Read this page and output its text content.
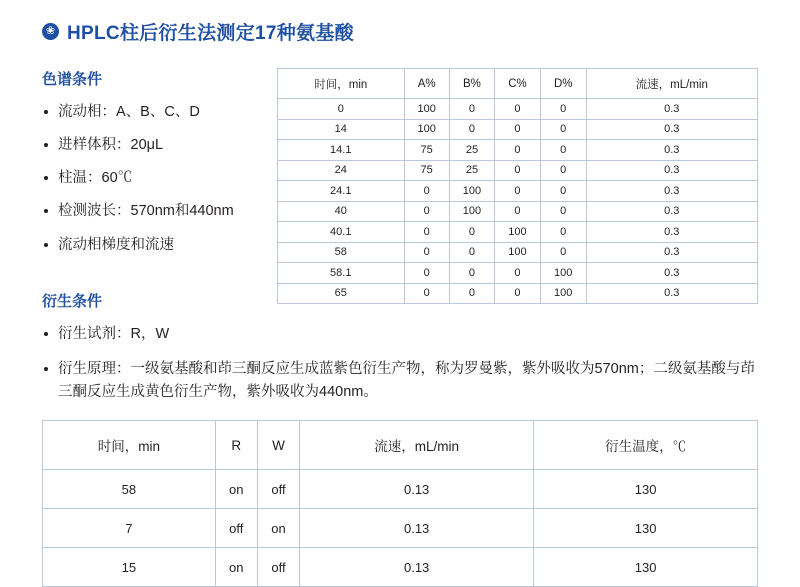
❀ HPLC柱后衍生法测定17种氨基酸
色谱条件
流动相：A、B、C、D
进样体积：20μL
柱温：60℃
检测波长：570nm和440nm
流动相梯度和流速
时间，min	A%	B%	C%	D%	流速，mL/min
0	100	0	0	0	0.3
14	100	0	0	0	0.3
14.1	75	25	0	0	0.3
24	75	25	0	0	0.3
24.1	0	100	0	0	0.3
40	0	100	0	0	0.3
40.1	0	0	100	0	0.3
58	0	0	100	0	0.3
58.1	0	0	0	100	0.3
65	0	0	0	100	0.3
衍生条件
衍生试剂：R，W
衍生原理：一级氨基酸和茚三酮反应生成蓝紫色衍生产物，称为罗曼紫，紫外吸收为570nm；二级氨基酸与茚三酮反应生成黄色衍生产物，紫外吸收为440nm。
时间，min	R	W	流速，mL/min	衍生温度，℃
58	on	off	0.13	130
7	off	on	0.13	130
15	on	off	0.13	130
